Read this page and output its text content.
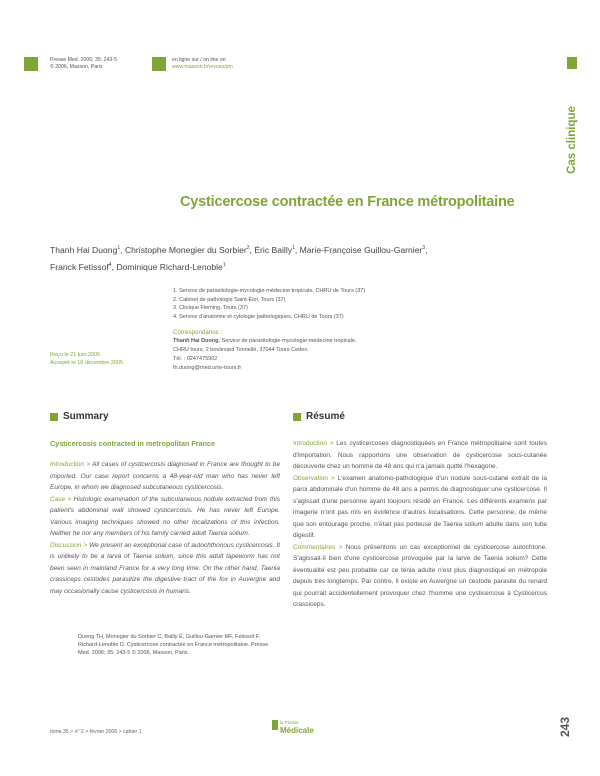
Presse Med. 2006; 35: 243-5
© 2006, Masson, Paris
en ligne sur / on line on
www.masson.fr/revues/pm
Cas clinique
Cysticercose contractée en France métropolitaine
Thanh Hai Duong$^1$, Christophe Monegier du Sorbier$^2$, Éric Bailly$^1$, Marie-Françoise Guillou-Garnier$^3$,
Franck Fetissof$^4$, Dominique Richard-Lenoble$^1$
1. Service de parasitologie-mycologie-médecine tropicale, CHRU de Tours (37)
2. Cabinet de pathologie Saint-Éloi, Tours (37)
3. Clinique Fleming, Tours (37)
4. Service d'anatomie et cytologie pathologiques, CHRU de Tours (37)
Correspondance :
Thanh Hai Duong, Service de parasitologie-mycologie-médecine tropicale,
CHRU tours, 2 boulevard Tonnellé, 37044 Tours Cedex.
Tél. : 0247475902
th.duong@med.univ-tours.fr
Reçu le 21 juin 2005
Accepté le 16 décembre 2005
Summary	Résumé
Cysticercosis contracted in metropolitan France
Introduction > All cases of cysticercosis diagnosed in France are thought to be imported. Our case report concerns a 48-year-old man who has never left Europe, in whom we diagnosed subcutaneous cysticercosis.
Case > Histologic examination of the subcutaneous nodule extracted from this patient's abdominal wall showed cysticercosis. He has never left Europe. Various imaging techniques showed no other localizations of this infection. Neither he nor any members of his family carried adult Taenia solium.
Discussion > We present an exceptional case of autochthonous cysticercosis. It is unlikely to be a larva of Taenia solium, since this adult tapeworm has not been seen in mainland France for a very long time. On the other hand, Taenia crassiceps cestodes parasitize the digestive tract of the fox in Auvergne and may occasionally cause cysticercosis in humans.
Introduction > Les cysticercoses diagnostiquées en France métropolitaine sont toutes d'importation. Nous rapportons une observation de cysticercose sous-cutanée découverte chez un homme de 48 ans qui n'a jamais quitté l'hexagone.
Observation > L'examen anatomo-pathologique d'un nodule sous-cutané extrait de la paroi abdominale d'un homme de 48 ans a permis de diagnostiquer une cysticercose. Il s'agissait d'une personne ayant toujours résidé en France. Les différents examens par imagerie n'ont pas mis en évidence d'autres localisations. Cette personne, de même que son entourage proche, n'était pas porteuse de Taenia solium adulte dans son tube digestif.
Commentaires > Nous présentons un cas exceptionnel de cysticercose autochtone. S'agissait-il bien d'une cysticercose provoquée par la larve de Taenia solium? Cette éventualité est peu probable car ce ténia adulte n'est plus diagnostiqué en métropole depuis très longtemps. Par contre, il existe en Auvergne un cestode parasite du renard qui pourrait accidentellement provoquer chez l'homme une cysticercose à Cysticercus crassiceps.
Duong TH, Monegier du Sorbier C, Bailly É, Guillou-Garnier MF, Fetissof F, Richard-Lenoble D. Cysticercose contractée en France métropolitaine. Presse Med. 2006; 35: 243-5 © 2006, Masson, Paris.
tome 35 > n° 2 > février 2006 > cahier 1
la Presse
Médicale	243
